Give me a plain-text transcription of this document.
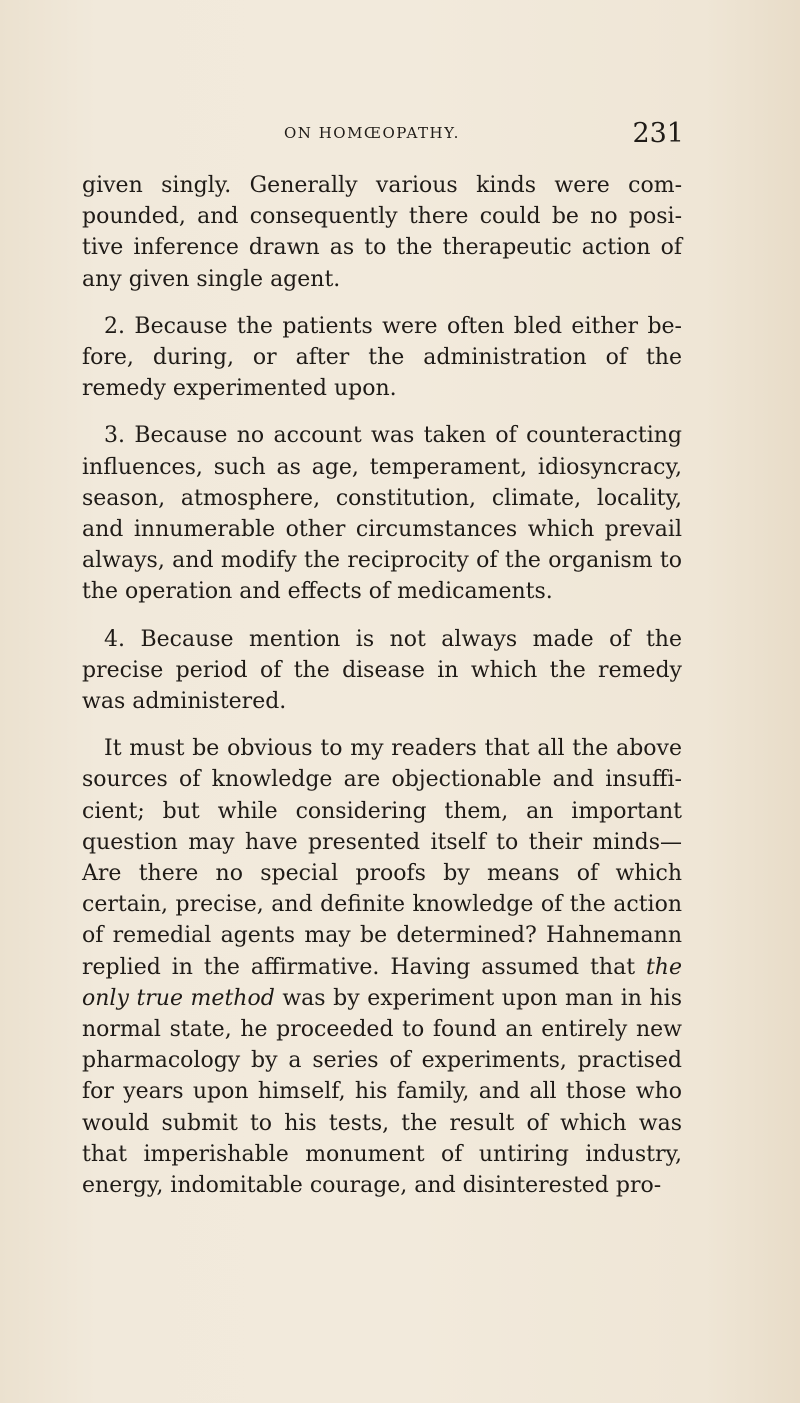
ON HOMŒOPATHY.	231

given singly. Generally various kinds were com-pounded, and consequently there could be no posi-tive inference drawn as to the therapeutic action of any given single agent.

2. Because the patients were often bled either be-fore, during, or after the administration of the remedy experimented upon.

3. Because no account was taken of counteracting influences, such as age, temperament, idiosyncracy, season, atmosphere, constitution, climate, locality, and innumerable other circumstances which prevail always, and modify the reciprocity of the organism to the operation and effects of medicaments.

4. Because mention is not always made of the precise period of the disease in which the remedy was administered.

It must be obvious to my readers that all the above sources of knowledge are objectionable and insuffi-cient; but while considering them, an important question may have presented itself to their minds— Are there no special proofs by means of which certain, precise, and definite knowledge of the action of remedial agents may be determined? Hahnemann replied in the affirmative. Having assumed that the only true method was by experiment upon man in his normal state, he proceeded to found an entirely new pharmacology by a series of experiments, practised for years upon himself, his family, and all those who would submit to his tests, the result of which was that imperishable monument of untiring industry, energy, indomitable courage, and disinterested pro-
